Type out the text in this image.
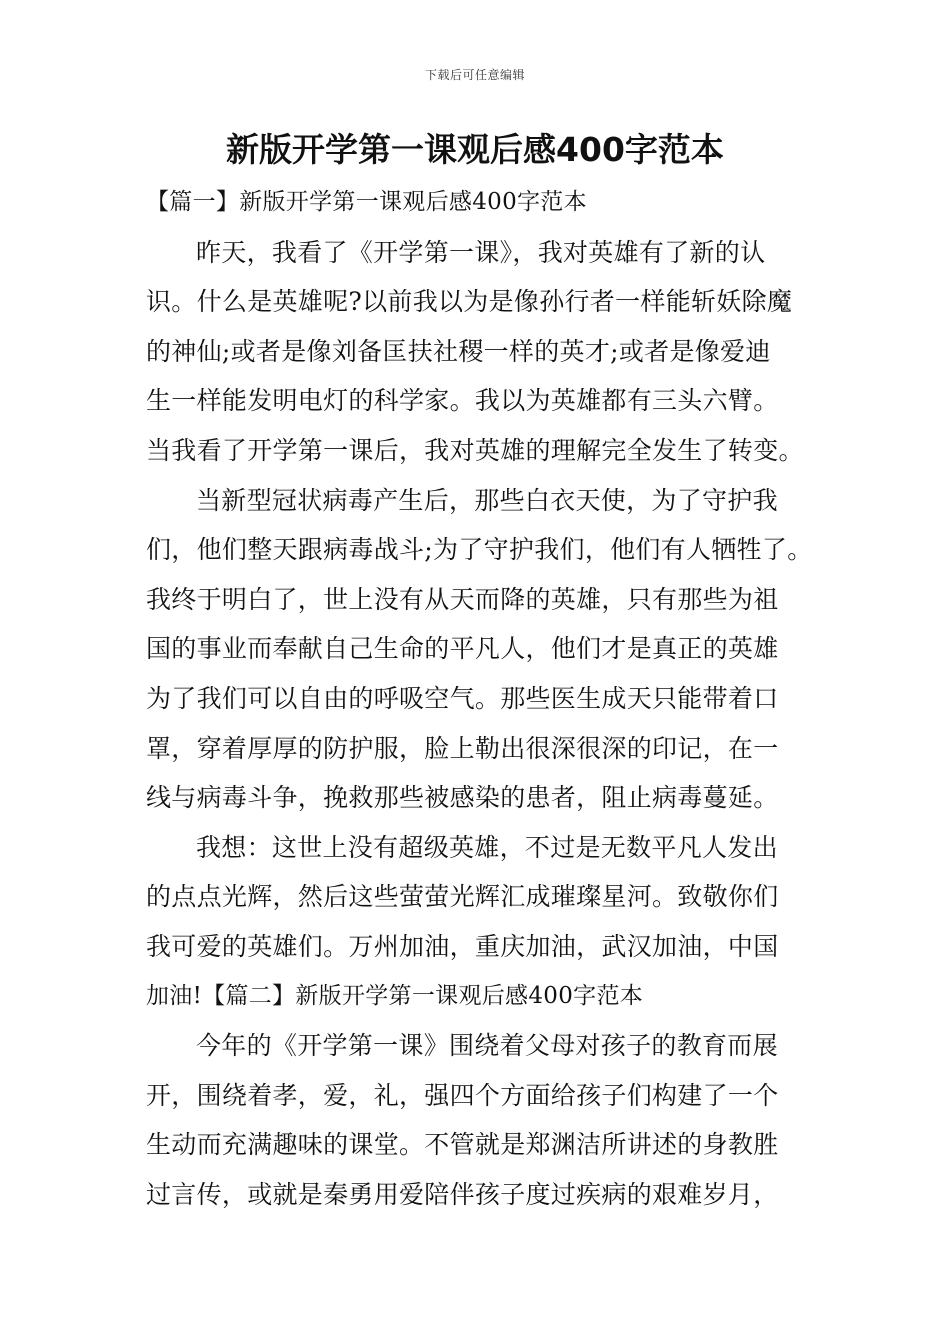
下载后可任意编辑
新版开学第一课观后感400字范本
【篇一】新版开学第一课观后感400字范本
昨天，我看了《开学第一课》，我对英雄有了新的认
识。什么是英雄呢?以前我以为是像孙行者一样能斩妖除魔
的神仙;或者是像刘备匡扶社稷一样的英才;或者是像爱迪
生一样能发明电灯的科学家。我以为英雄都有三头六臂。
当我看了开学第一课后，我对英雄的理解完全发生了转变。
当新型冠状病毒产生后，那些白衣天使，为了守护我
们，他们整天跟病毒战斗;为了守护我们，他们有人牺牲了。
我终于明白了，世上没有从天而降的英雄，只有那些为祖
国的事业而奉献自己生命的平凡人，他们才是真正的英雄
为了我们可以自由的呼吸空气。那些医生成天只能带着口
罩，穿着厚厚的防护服，脸上勒出很深很深的印记，在一
线与病毒斗争，挽救那些被感染的患者，阻止病毒蔓延。
我想：这世上没有超级英雄，不过是无数平凡人发出
的点点光辉，然后这些萤萤光辉汇成璀璨星河。致敬你们
我可爱的英雄们。万州加油，重庆加油，武汉加油，中国
加油!【篇二】新版开学第一课观后感400字范本
今年的《开学第一课》围绕着父母对孩子的教育而展
开，围绕着孝，爱，礼，强四个方面给孩子们构建了一个
生动而充满趣味的课堂。不管就是郑渊洁所讲述的身教胜
过言传，或就是秦勇用爱陪伴孩子度过疾病的艰难岁月，
